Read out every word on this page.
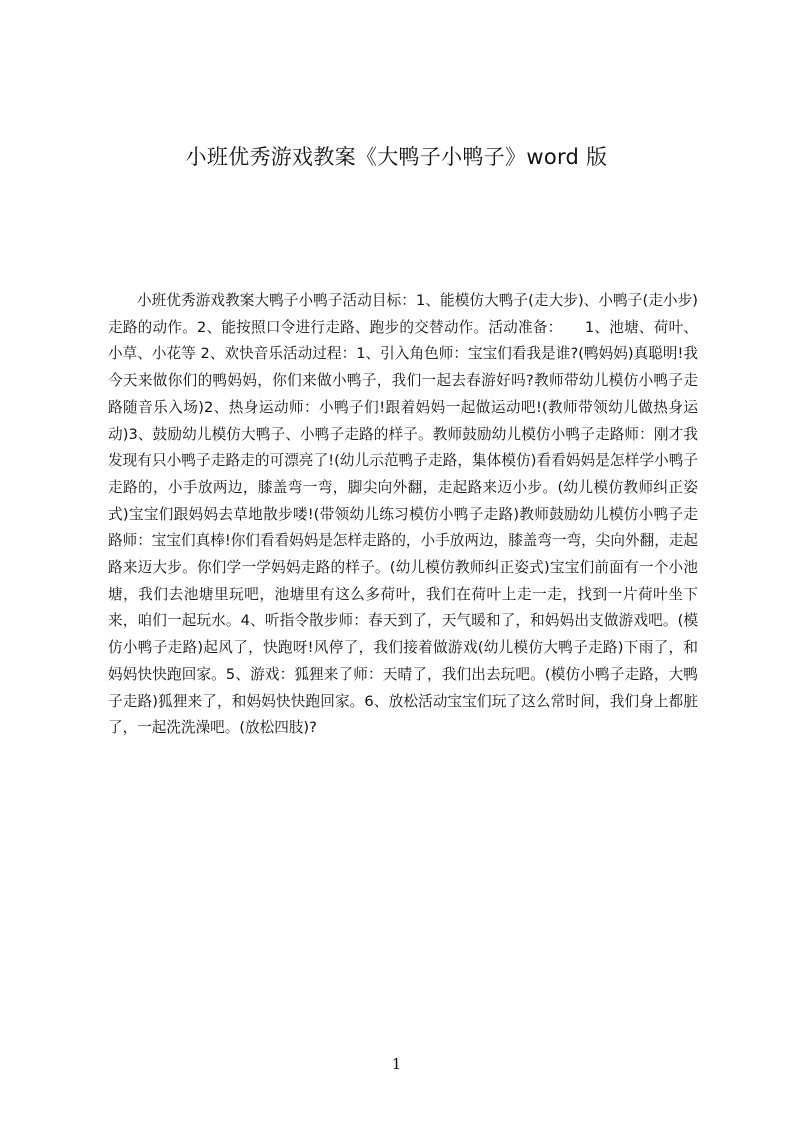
小班优秀游戏教案《大鸭子小鸭子》word 版

小班优秀游戏教案大鸭子小鸭子活动目标：1、能模仿大鸭子(走大步)、小鸭子(走小步)走路的动作。2、能按照口令进行走路、跑步的交替动作。活动准备：　　1、池塘、荷叶、小草、小花等 2、欢快音乐活动过程：1、引入角色师：宝宝们看我是谁?(鸭妈妈)真聪明!我今天来做你们的鸭妈妈，你们来做小鸭子，我们一起去春游好吗?教师带幼儿模仿小鸭子走路随音乐入场)2、热身运动师：小鸭子们!跟着妈妈一起做运动吧!(教师带领幼儿做热身运动)3、鼓励幼儿模仿大鸭子、小鸭子走路的样子。教师鼓励幼儿模仿小鸭子走路师：刚才我发现有只小鸭子走路走的可漂亮了!(幼儿示范鸭子走路，集体模仿)看看妈妈是怎样学小鸭子走路的，小手放两边，膝盖弯一弯，脚尖向外翻，走起路来迈小步。(幼儿模仿教师纠正姿式)宝宝们跟妈妈去草地散步喽!(带领幼儿练习模仿小鸭子走路)教师鼓励幼儿模仿小鸭子走路师：宝宝们真棒!你们看看妈妈是怎样走路的，小手放两边，膝盖弯一弯，尖向外翻，走起路来迈大步。你们学一学妈妈走路的样子。(幼儿模仿教师纠正姿式)宝宝们前面有一个小池塘，我们去池塘里玩吧，池塘里有这么多荷叶，我们在荷叶上走一走，找到一片荷叶坐下来，咱们一起玩水。4、听指令散步师：春天到了，天气暖和了，和妈妈出支做游戏吧。(模仿小鸭子走路)起风了，快跑呀!风停了，我们接着做游戏(幼儿模仿大鸭子走路)下雨了，和妈妈快快跑回家。5、游戏：狐狸来了师：天晴了，我们出去玩吧。(模仿小鸭子走路，大鸭子走路)狐狸来了，和妈妈快快跑回家。6、放松活动宝宝们玩了这么常时间，我们身上都脏了，一起洗洗澡吧。(放松四肢)?

1
